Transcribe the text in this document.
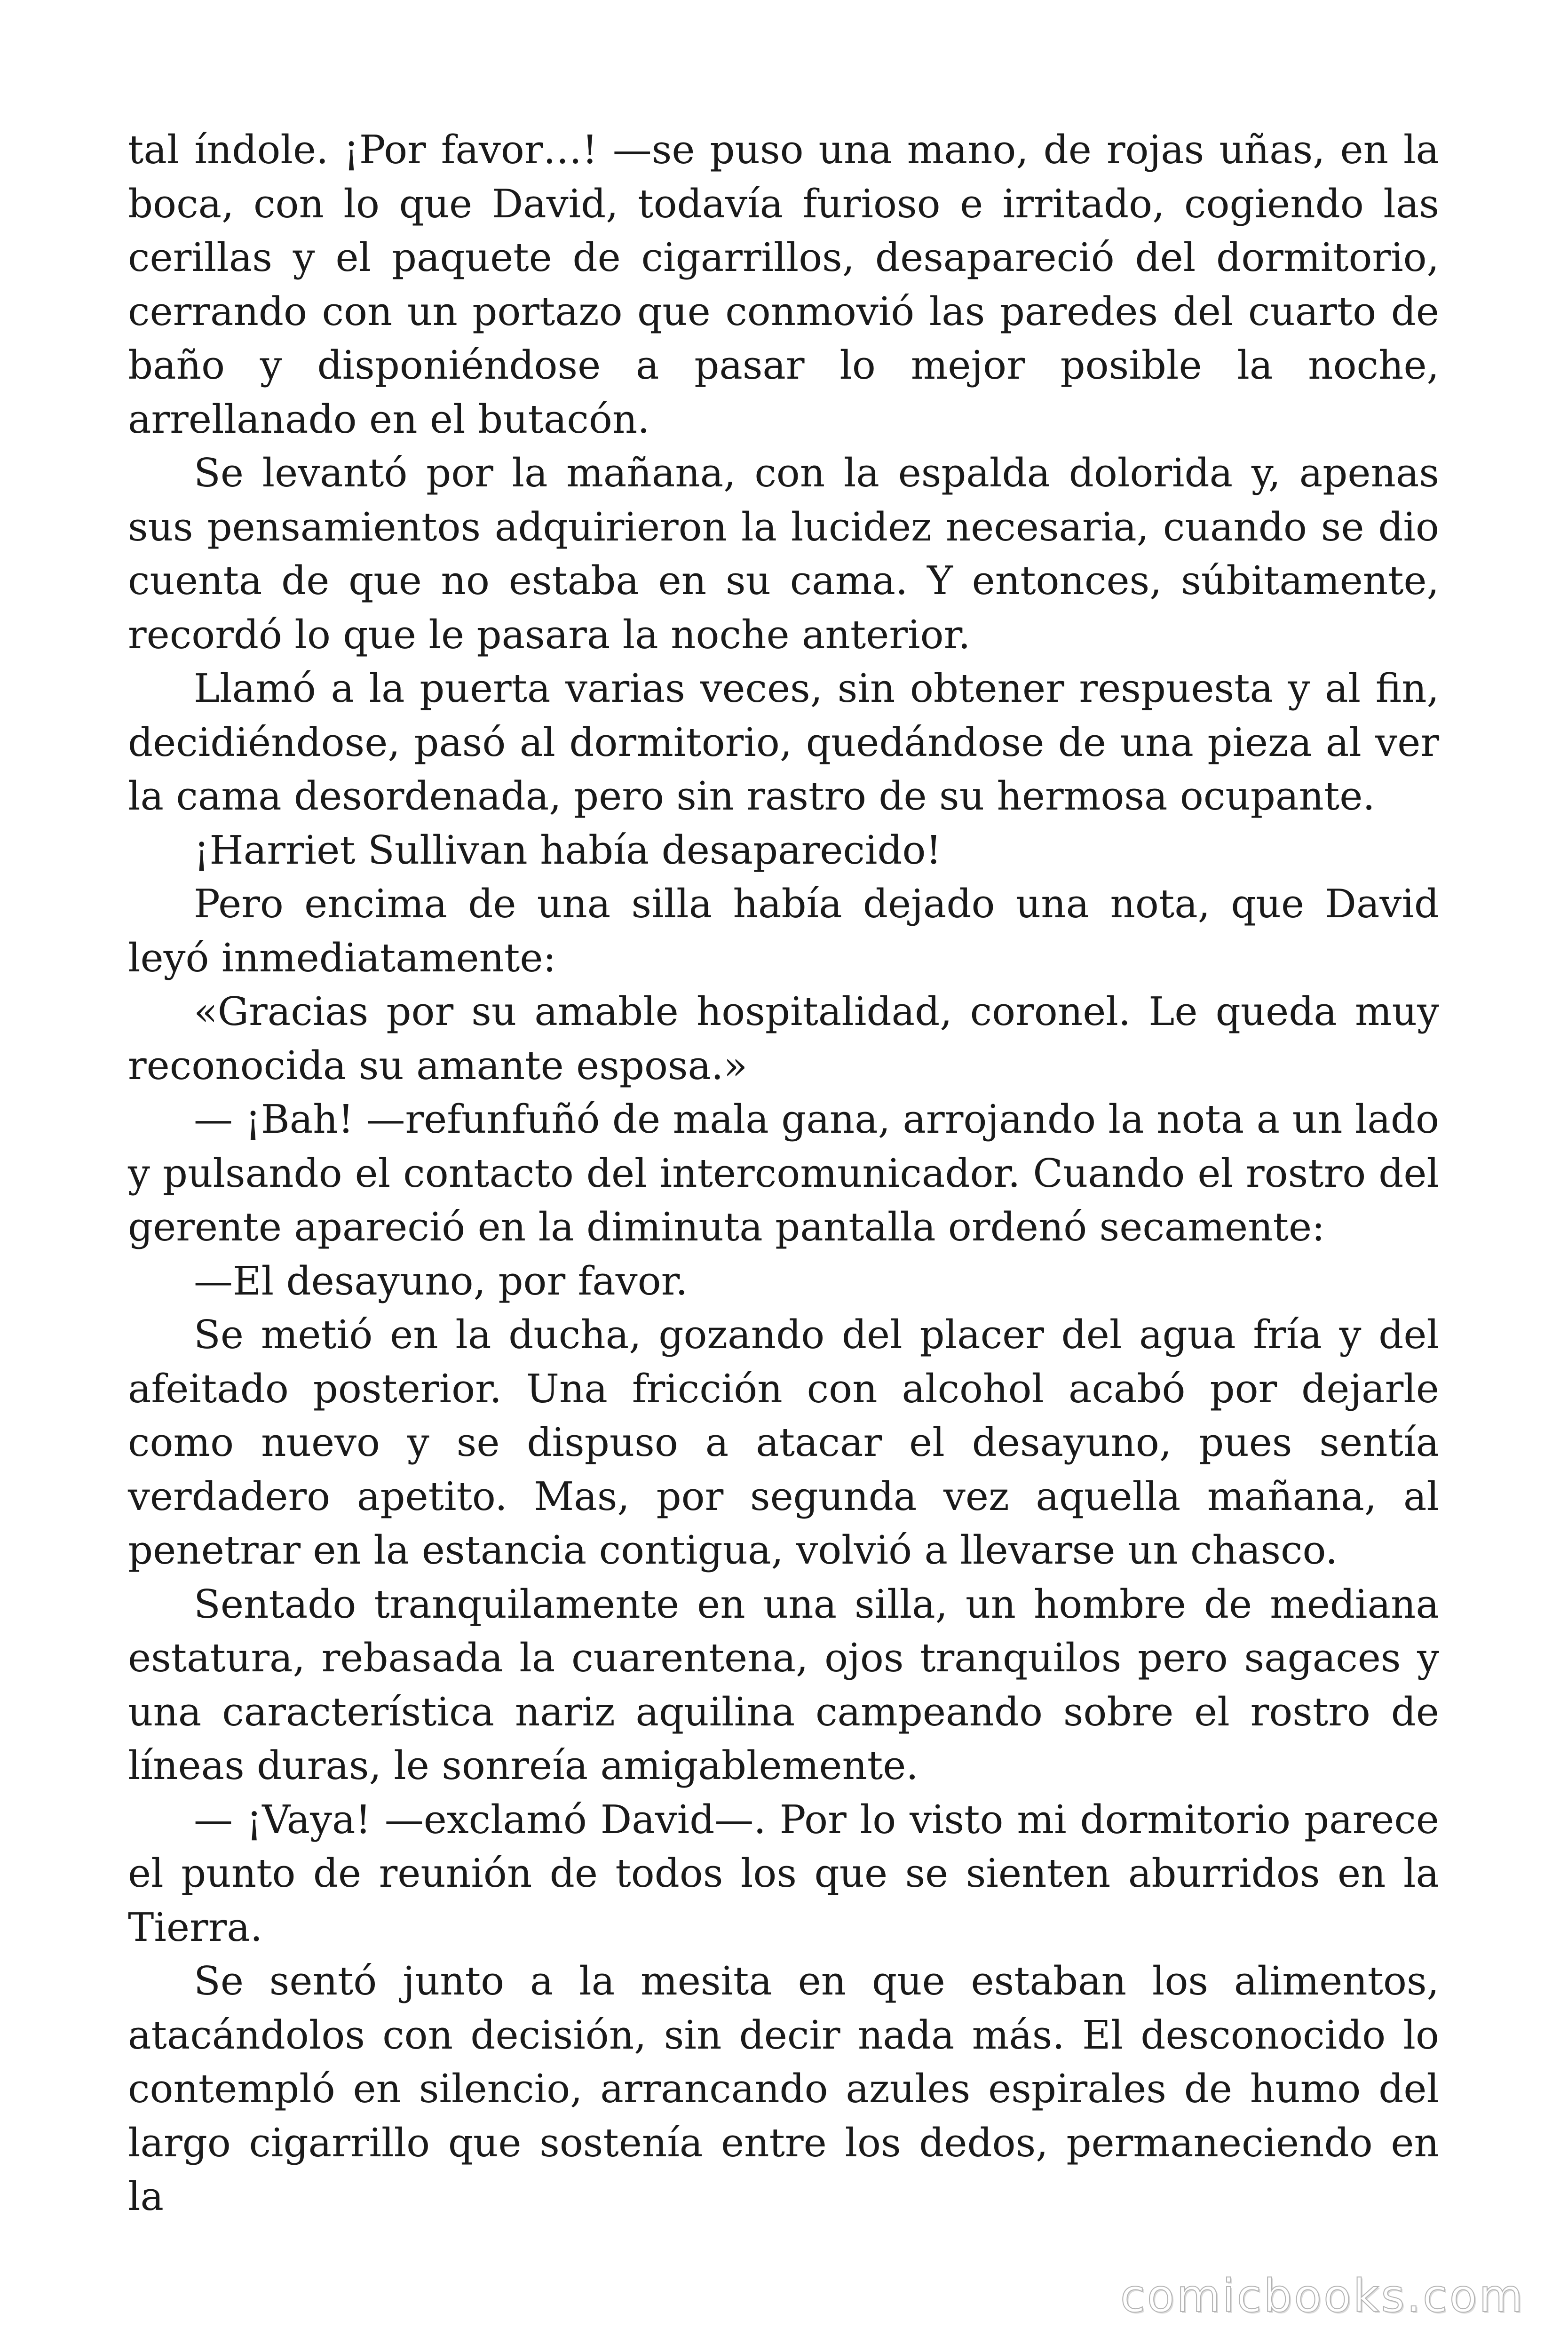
tal índole. ¡Por favor…! —se puso una mano, de rojas uñas, en la boca, con lo que David, todavía furioso e irritado, cogiendo las cerillas y el paquete de cigarrillos, desapareció del dormitorio, cerrando con un portazo que conmovió las paredes del cuarto de baño y disponiéndose a pasar lo mejor posible la noche, arrellanado en el butacón.

Se levantó por la mañana, con la espalda dolorida y, apenas sus pensamientos adquirieron la lucidez necesaria, cuando se dio cuenta de que no estaba en su cama. Y entonces, súbitamente, recordó lo que le pasara la noche anterior.

Llamó a la puerta varias veces, sin obtener respuesta y al fin, decidiéndose, pasó al dormitorio, quedándose de una pieza al ver la cama desordenada, pero sin rastro de su hermosa ocupante.

¡Harriet Sullivan había desaparecido!

Pero encima de una silla había dejado una nota, que David leyó inmediatamente:

«Gracias por su amable hospitalidad, coronel. Le queda muy reconocida su amante esposa.»

— ¡Bah! —refunfuñó de mala gana, arrojando la nota a un lado y pulsando el contacto del intercomunicador. Cuando el rostro del gerente apareció en la diminuta pantalla ordenó secamente:

—El desayuno, por favor.

Se metió en la ducha, gozando del placer del agua fría y del afeitado posterior. Una fricción con alcohol acabó por dejarle como nuevo y se dispuso a atacar el desayuno, pues sentía verdadero apetito. Mas, por segunda vez aquella mañana, al penetrar en la estancia contigua, volvió a llevarse un chasco.

Sentado tranquilamente en una silla, un hombre de mediana estatura, rebasada la cuarentena, ojos tranquilos pero sagaces y una característica nariz aquilina campeando sobre el rostro de líneas duras, le sonreía amigablemente.

— ¡Vaya! —exclamó David—. Por lo visto mi dormitorio parece el punto de reunión de todos los que se sienten aburridos en la Tierra.

Se sentó junto a la mesita en que estaban los alimentos, atacándolos con decisión, sin decir nada más. El desconocido lo contempló en silencio, arrancando azules espirales de humo del largo cigarrillo que sostenía entre los dedos, permaneciendo en la

comicbooks.com
